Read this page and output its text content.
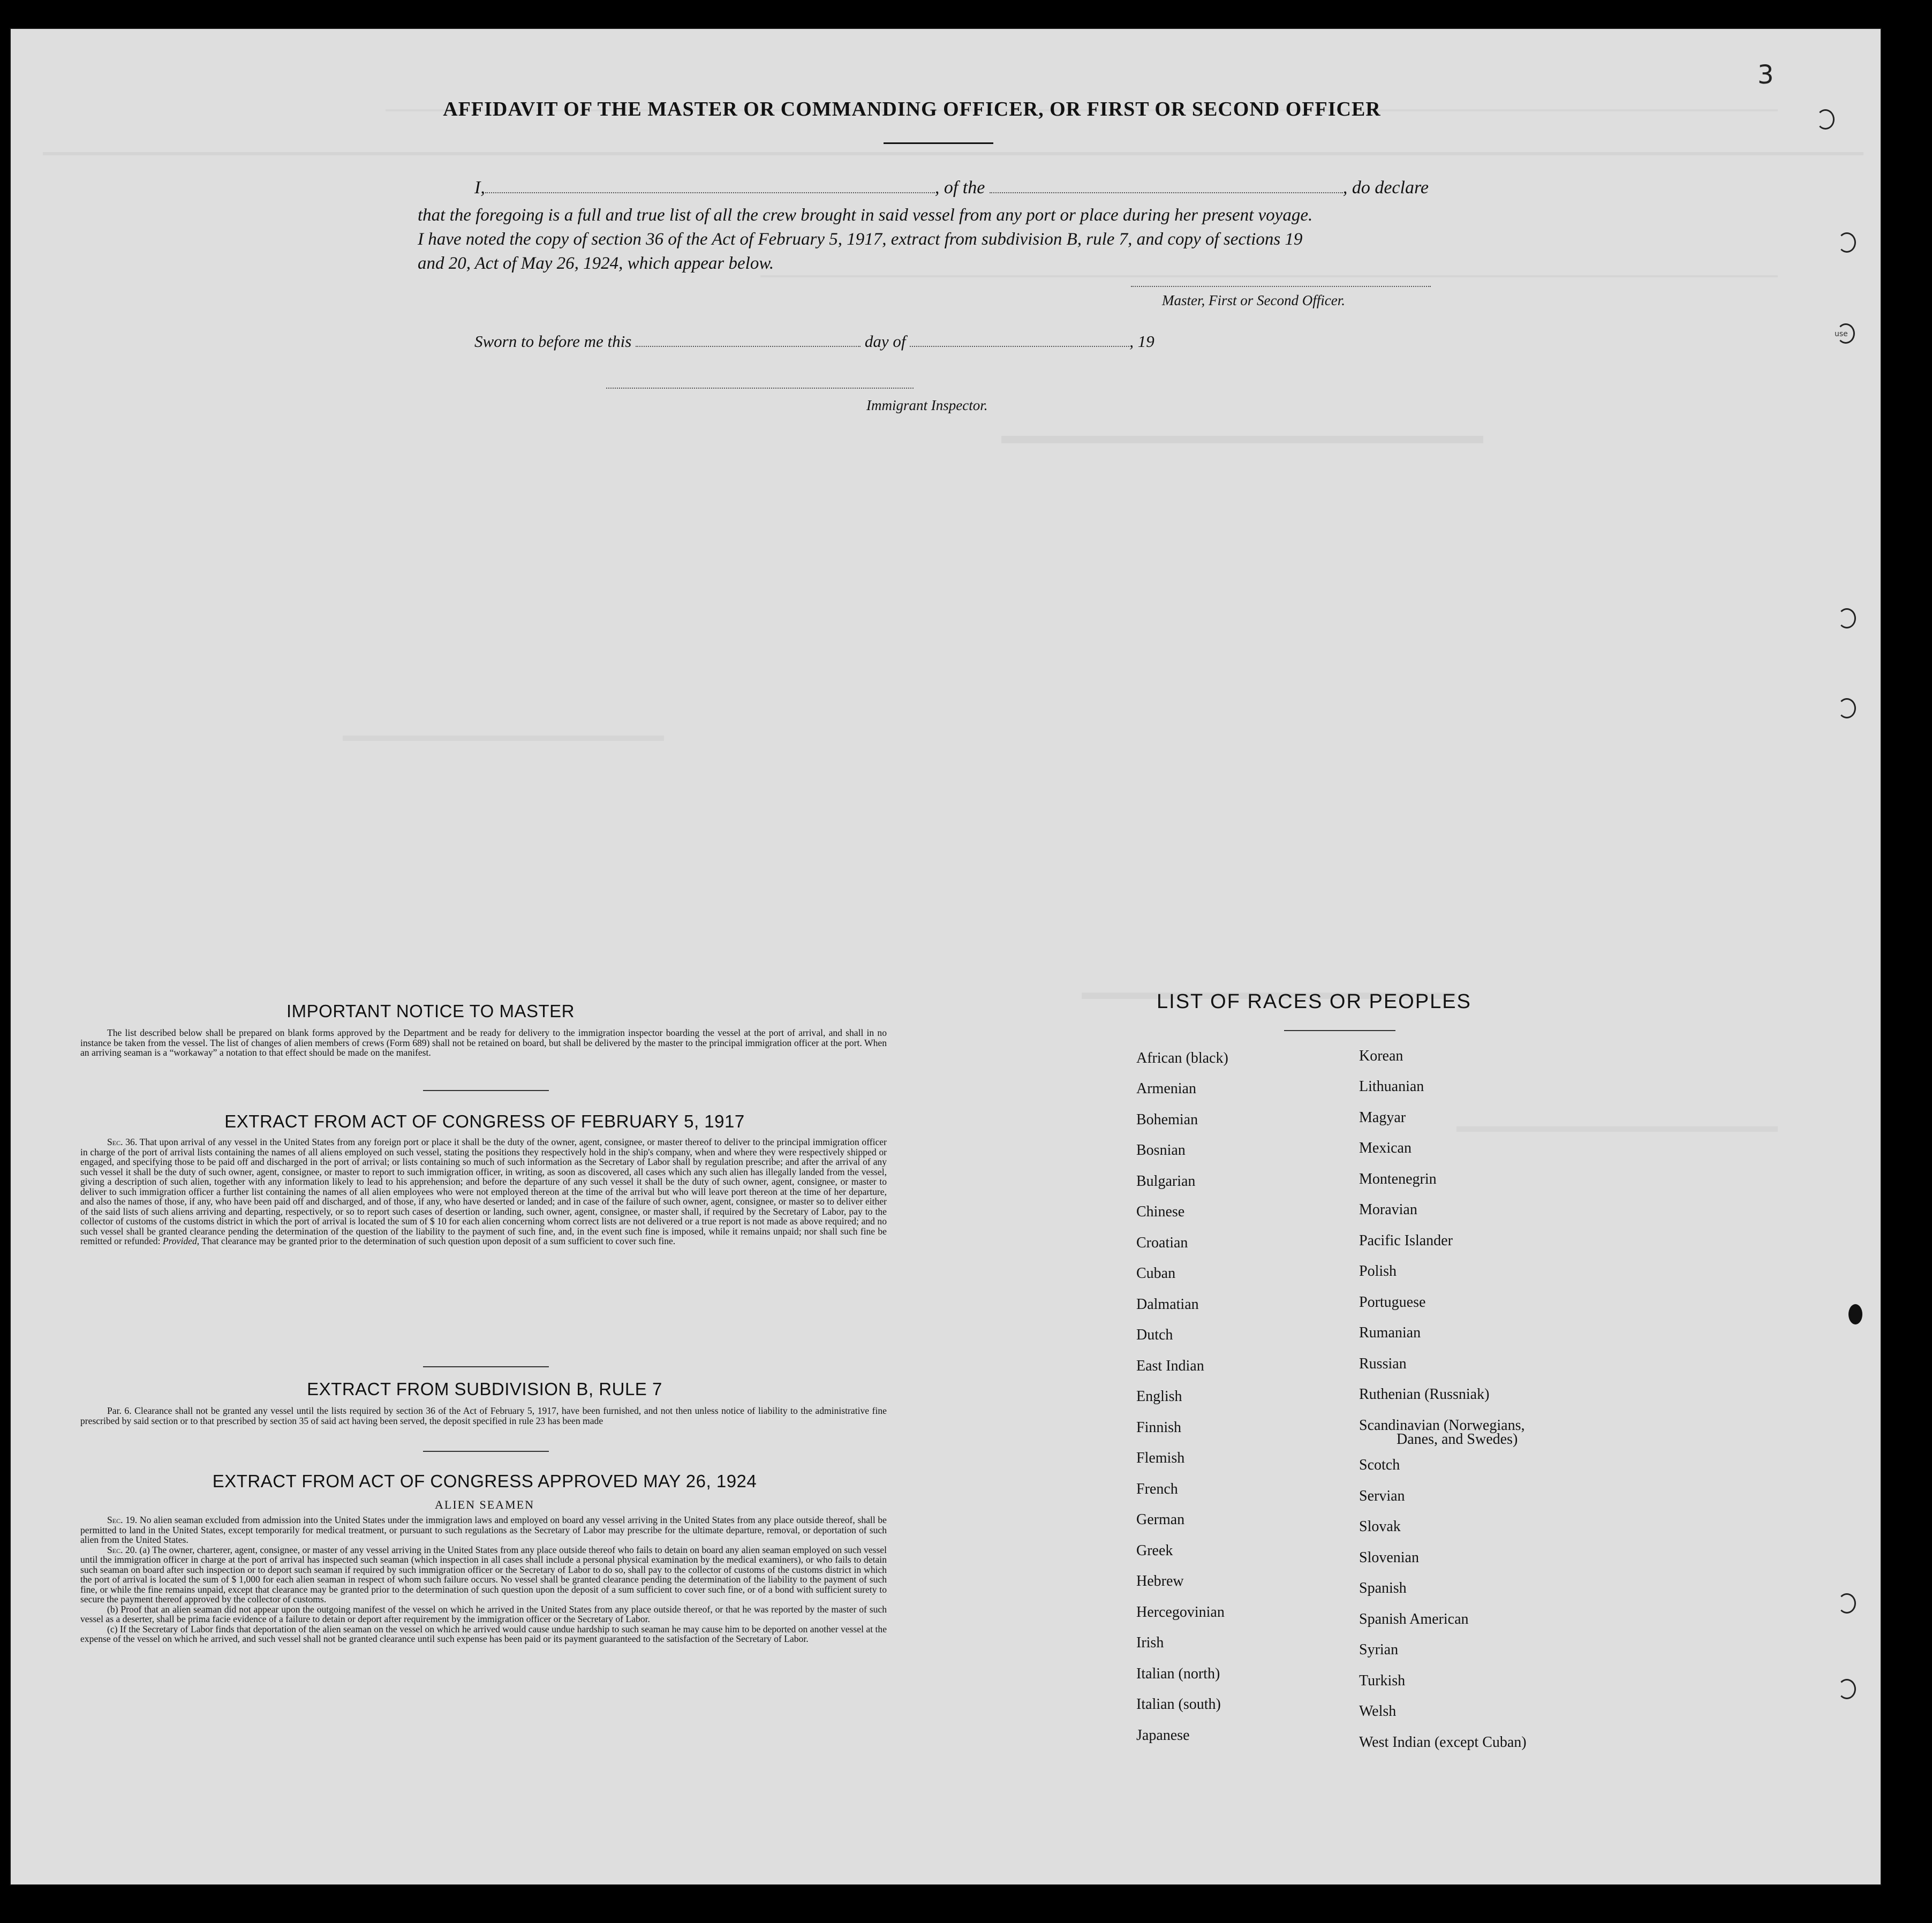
3
use
AFFIDAVIT OF THE MASTER OR COMMANDING OFFICER, OR FIRST OR SECOND OFFICER
I,	, of the	, do declare
that the foregoing is a full and true list of all the crew brought in said vessel from any port or place during her present voyage.
I have noted the copy of section 36 of the Act of February 5, 1917, extract from subdivision B, rule 7, and copy of sections 19
and 20, Act of May 26, 1924, which appear below.
Master, First or Second Officer.
Sworn to before me this	day of	, 19
Immigrant Inspector.
IMPORTANT NOTICE TO MASTER

The list described below shall be prepared on blank forms approved by the Department and be ready for delivery to the immigration inspector boarding the vessel at the port of arrival, and shall in no instance be taken from the vessel. The list of changes of alien members of crews (Form 689) shall not be retained on board, but shall be delivered by the master to the principal immigration officer at the port. When an arriving seaman is a “workaway” a notation to that effect should be made on the manifest.

EXTRACT FROM ACT OF CONGRESS OF FEBRUARY 5, 1917

Sec. 36. That upon arrival of any vessel in the United States from any foreign port or place it shall be the duty of the owner, agent, consignee, or master thereof to deliver to the principal immigration officer in charge of the port of arrival lists containing the names of all aliens employed on such vessel, stating the positions they respectively hold in the ship's company, when and where they were respectively shipped or engaged, and specifying those to be paid off and discharged in the port of arrival; or lists containing so much of such information as the Secretary of Labor shall by regulation prescribe; and after the arrival of any such vessel it shall be the duty of such owner, agent, consignee, or master to report to such immigration officer, in writing, as soon as discovered, all cases which any such alien has illegally landed from the vessel, giving a description of such alien, together with any information likely to lead to his apprehension; and before the departure of any such vessel it shall be the duty of such owner, agent, consignee, or master to deliver to such immigration officer a further list containing the names of all alien employees who were not employed thereon at the time of the arrival but who will leave port thereon at the time of her departure, and also the names of those, if any, who have been paid off and discharged, and of those, if any, who have deserted or landed; and in case of the failure of such owner, agent, consignee, or master so to deliver either of the said lists of such aliens arriving and departing, respectively, or so to report such cases of desertion or landing, such owner, agent, consignee, or master shall, if required by the Secretary of Labor, pay to the collector of customs of the customs district in which the port of arrival is located the sum of $ 10 for each alien concerning whom correct lists are not delivered or a true report is not made as above required; and no such vessel shall be granted clearance pending the determination of the question of the liability to the payment of such fine, and, in the event such fine is imposed, while it remains unpaid; nor shall such fine be remitted or refunded: Provided, That clearance may be granted prior to the determination of such question upon deposit of a sum sufficient to cover such fine.

EXTRACT FROM SUBDIVISION B, RULE 7

Par. 6. Clearance shall not be granted any vessel until the lists required by section 36 of the Act of February 5, 1917, have been furnished, and not then unless notice of liability to the administrative fine prescribed by said section or to that prescribed by section 35 of said act having been served, the deposit specified in rule 23 has been made

EXTRACT FROM ACT OF CONGRESS APPROVED MAY 26, 1924
ALIEN SEAMEN

Sec. 19. No alien seaman excluded from admission into the United States under the immigration laws and employed on board any vessel arriving in the United States from any place outside thereof, shall be permitted to land in the United States, except temporarily for medical treatment, or pursuant to such regulations as the Secretary of Labor may prescribe for the ultimate departure, removal, or deportation of such alien from the United States.

Sec. 20. (a) The owner, charterer, agent, consignee, or master of any vessel arriving in the United States from any place outside thereof who fails to detain on board any alien seaman employed on such vessel until the immigration officer in charge at the port of arrival has inspected such seaman (which inspection in all cases shall include a personal physical examination by the medical examiners), or who fails to detain such seaman on board after such inspection or to deport such seaman if required by such immigration officer or the Secretary of Labor to do so, shall pay to the collector of customs of the customs district in which the port of arrival is located the sum of $ 1,000 for each alien seaman in respect of whom such failure occurs. No vessel shall be granted clearance pending the determination of the liability to the payment of such fine, or while the fine remains unpaid, except that clearance may be granted prior to the determination of such question upon the deposit of a sum sufficient to cover such fine, or of a bond with sufficient surety to secure the payment thereof approved by the collector of customs.

(b) Proof that an alien seaman did not appear upon the outgoing manifest of the vessel on which he arrived in the United States from any place outside thereof, or that he was reported by the master of such vessel as a deserter, shall be prima facie evidence of a failure to detain or deport after requirement by the immigration officer or the Secretary of Labor.

(c) If the Secretary of Labor finds that deportation of the alien seaman on the vessel on which he arrived would cause undue hardship to such seaman he may cause him to be deported on another vessel at the expense of the vessel on which he arrived, and such vessel shall not be granted clearance until such expense has been paid or its payment guaranteed to the satisfaction of the Secretary of Labor.

LIST OF RACES OR PEOPLES
African (black)
Armenian
Bohemian
Bosnian
Bulgarian
Chinese
Croatian
Cuban
Dalmatian
Dutch
East Indian
English
Finnish
Flemish
French
German
Greek
Hebrew
Hercegovinian
Irish
Italian (north)
Italian (south)
Japanese
Korean
Lithuanian
Magyar
Mexican
Montenegrin
Moravian
Pacific Islander
Polish
Portuguese
Rumanian
Russian
Ruthenian (Russniak)
Scandinavian (Norwegians,
Danes, and Swedes)
Scotch
Servian
Slovak
Slovenian
Spanish
Spanish American
Syrian
Turkish
Welsh
West Indian (except Cuban)
